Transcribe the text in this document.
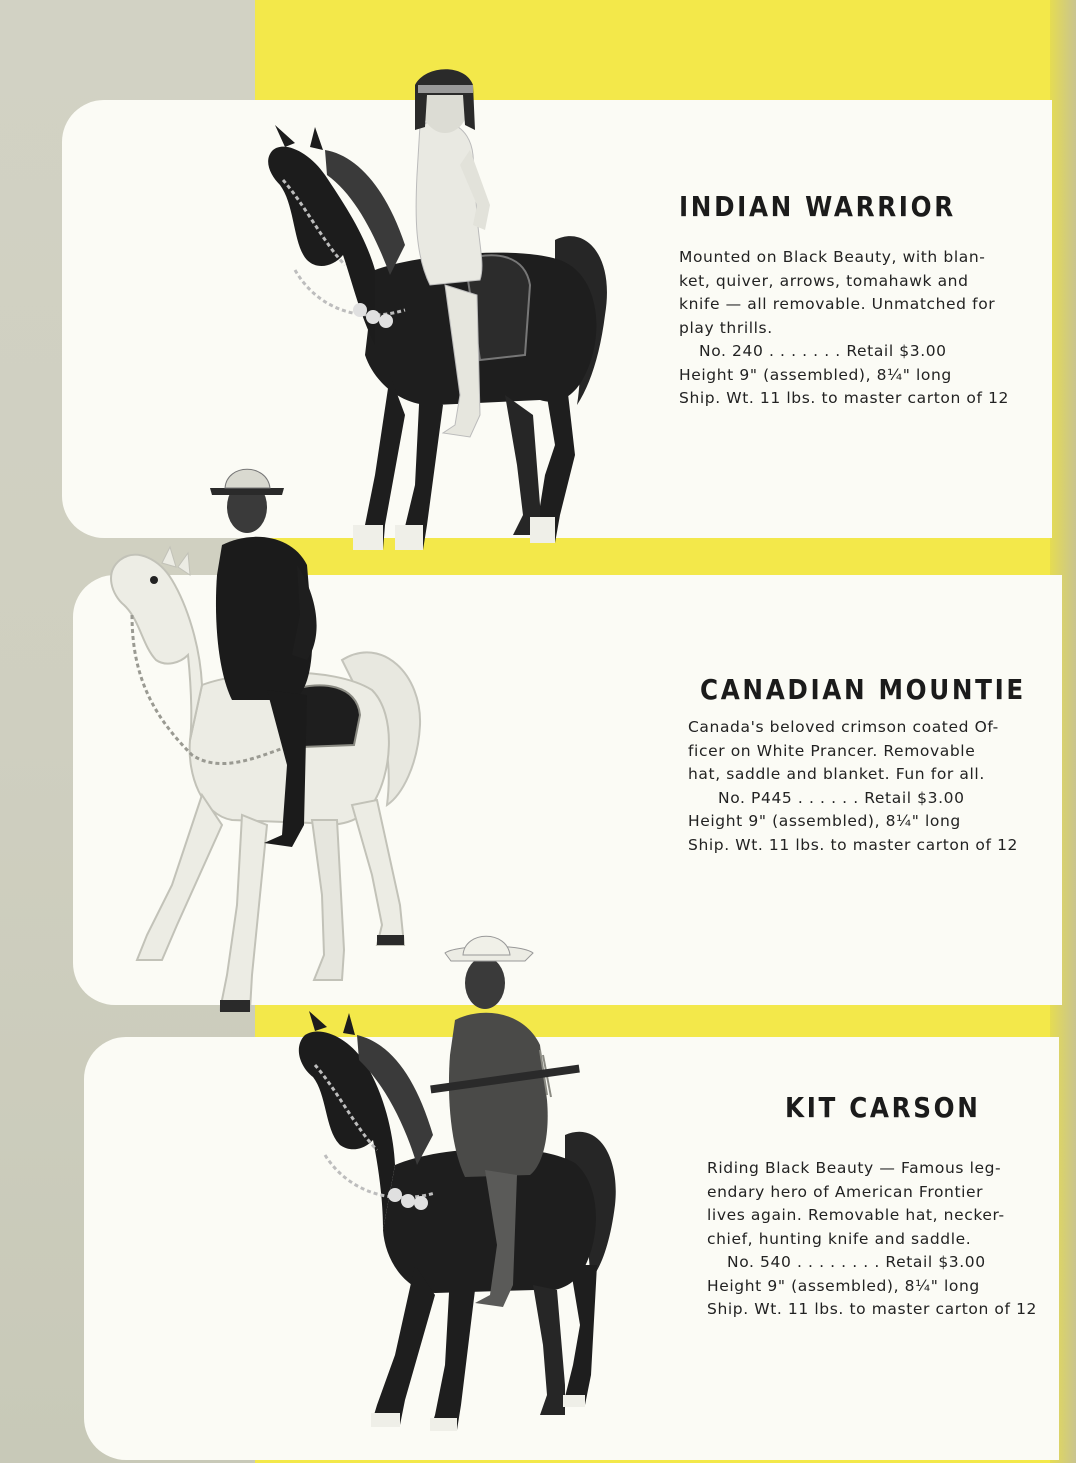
INDIAN WARRIOR
Mounted on Black Beauty, with blan-
ket, quiver, arrows, tomahawk and
knife — all removable. Unmatched for
play thrills.
No. 240 . . . . . . . Retail $3.00
Height 9" (assembled), 8¼" long
Ship. Wt. 11 lbs. to master carton of 12
CANADIAN MOUNTIE
Canada's beloved crimson coated Of-
ficer on White Prancer. Removable
hat, saddle and blanket. Fun for all.
No. P445 . . . . . . Retail $3.00
Height 9" (assembled), 8¼" long
Ship. Wt. 11 lbs. to master carton of 12
KIT CARSON
Riding Black Beauty — Famous leg-
endary hero of American Frontier
lives again. Removable hat, necker-
chief, hunting knife and saddle.
No. 540 . . . . . . . . Retail $3.00
Height 9" (assembled), 8¼" long
Ship. Wt. 11 lbs. to master carton of 12
